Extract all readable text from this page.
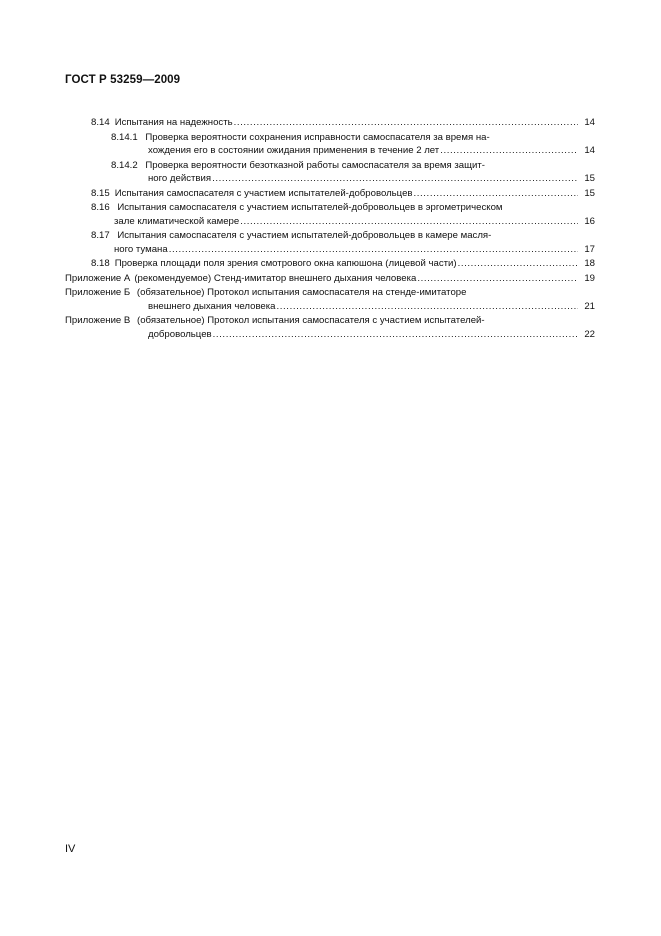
ГОСТ Р 53259—2009
8.14 Испытания на надежность .....	14
8.14.1 Проверка вероятности сохранения исправности самоспасателя за время на-
хождения его в состоянии ожидания применения в течение 2 лет .....	14
8.14.2 Проверка вероятности безотказной работы самоспасателя за время защит-
ного действия .....	15
8.15 Испытания самоспасателя с участием испытателей-добровольцев .....	15
8.16 Испытания самоспасателя с участием испытателей-добровольцев в эргометрическом
зале климатической камере .....	16
8.17 Испытания самоспасателя с участием испытателей-добровольцев в камере масля-
ного тумана .....	17
8.18 Проверка площади поля зрения смотрового окна капюшона (лицевой части) .....	18
Приложение А (рекомендуемое) Стенд-имитатор внешнего дыхания человека .....	19
Приложение Б (обязательное) Протокол испытания самоспасателя на стенде-имитаторе
внешнего дыхания человека .....	21
Приложение В (обязательное) Протокол испытания самоспасателя с участием испытателей-
добровольцев .....	22
IV
